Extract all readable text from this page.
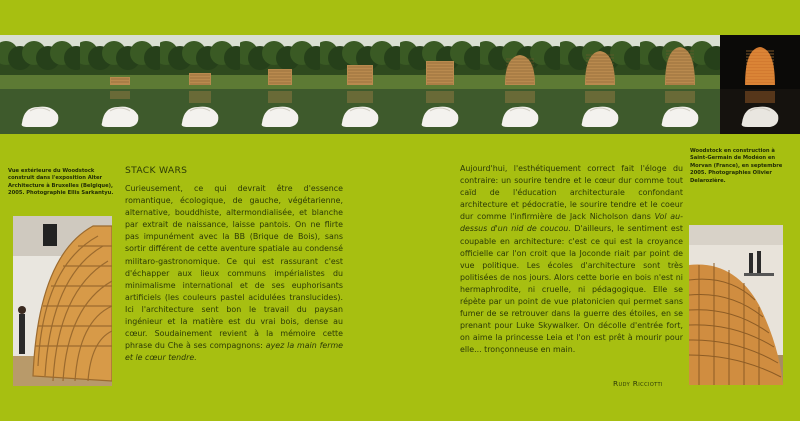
Vue extérieure du Woodstock construit dans l'exposition Alter Architecture à Bruxelles (Belgique), 2005. Photographie Ellis Sarkantyu.
STACK WARS

Curieusement, ce qui devrait être d'essence romantique, écologique, de gauche, végétarienne, alternative, bouddhiste, altermondialisée, et blanche par extrait de naissance, laisse pantois. On ne flirte pas impunément avec la BB (Brique de Bois), sans sortir différent de cette aventure spatiale au condensé militaro-gastronomique. Ce qui est rassurant c'est d'échapper aux lieux communs impérialistes du minimalisme international et de ses euphorisants artificiels (les couleurs pastel acidulées translucides). Ici l'architecture sent bon le travail du paysan ingénieur et la matière est du vrai bois, dense au cœur. Soudainement revient à la mémoire cette phrase du Che à ses compagnons: ayez la main ferme et le cœur tendre.

Aujourd'hui, l'esthétiquement correct fait l'éloge du contraire: un sourire tendre et le cœur dur comme tout caïd de l'éducation architecturale confondant architecture et pédocratie, le sourire tendre et le coeur dur comme l'infirmière de Jack Nicholson dans Vol au-dessus d'un nid de coucou. D'ailleurs, le sentiment est coupable en architecture: c'est ce qui est la croyance officielle car l'on croit que la Joconde riait par point de vue politique. Les écoles d'architecture sont très politisées de nos jours. Alors cette borie en bois n'est ni hermaphrodite, ni cruelle, ni pédagogique. Elle se répète par un point de vue platonicien qui permet sans fumer de se retrouver dans la guerre des étoiles, en se prenant pour Luke Skywalker. On décolle d'entrée fort, on aime la princesse Leia et l'on est prêt à mourir pour elle... tronçonneuse en main.

Rudy Ricciotti
Woodstock en construction à Saint-Germain de Modéon en Morvan (France), en septembre 2005. Photographies Olivier Delarozière.
